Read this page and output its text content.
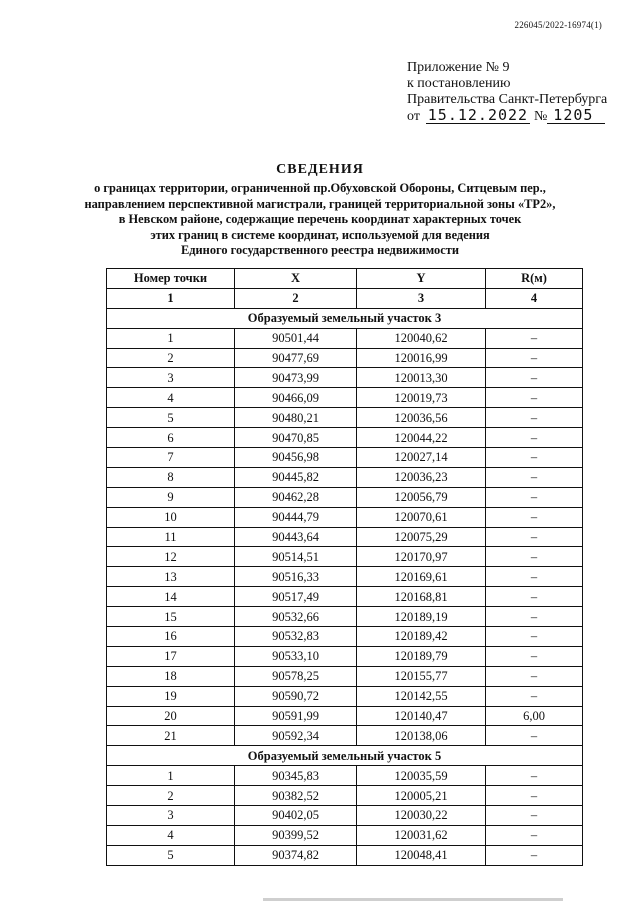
226045/2022-16974(1)
Приложение № 9
к постановлению
Правительства Санкт-Петербурга
от 15.12.2022 № 1205
СВЕДЕНИЯ
о границах территории, ограниченной пр.Обуховской Обороны, Ситцевым пер.,
направлением перспективной магистрали, границей территориальной зоны «ТР2»,
в Невском районе, содержащие перечень координат характерных точек
этих границ в системе координат, используемой для ведения
Единого государственного реестра недвижимости
Номер точки	X	Y	R(м)
1	2	3	4
Образуемый земельный участок 3			
1	90501,44	120040,62	–
2	90477,69	120016,99	–
3	90473,99	120013,30	–
4	90466,09	120019,73	–
5	90480,21	120036,56	–
6	90470,85	120044,22	–
7	90456,98	120027,14	–
8	90445,82	120036,23	–
9	90462,28	120056,79	–
10	90444,79	120070,61	–
11	90443,64	120075,29	–
12	90514,51	120170,97	–
13	90516,33	120169,61	–
14	90517,49	120168,81	–
15	90532,66	120189,19	–
16	90532,83	120189,42	–
17	90533,10	120189,79	–
18	90578,25	120155,77	–
19	90590,72	120142,55	–
20	90591,99	120140,47	6,00
21	90592,34	120138,06	–
Образуемый земельный участок 5			
1	90345,83	120035,59	–
2	90382,52	120005,21	–
3	90402,05	120030,22	–
4	90399,52	120031,62	–
5	90374,82	120048,41	–
